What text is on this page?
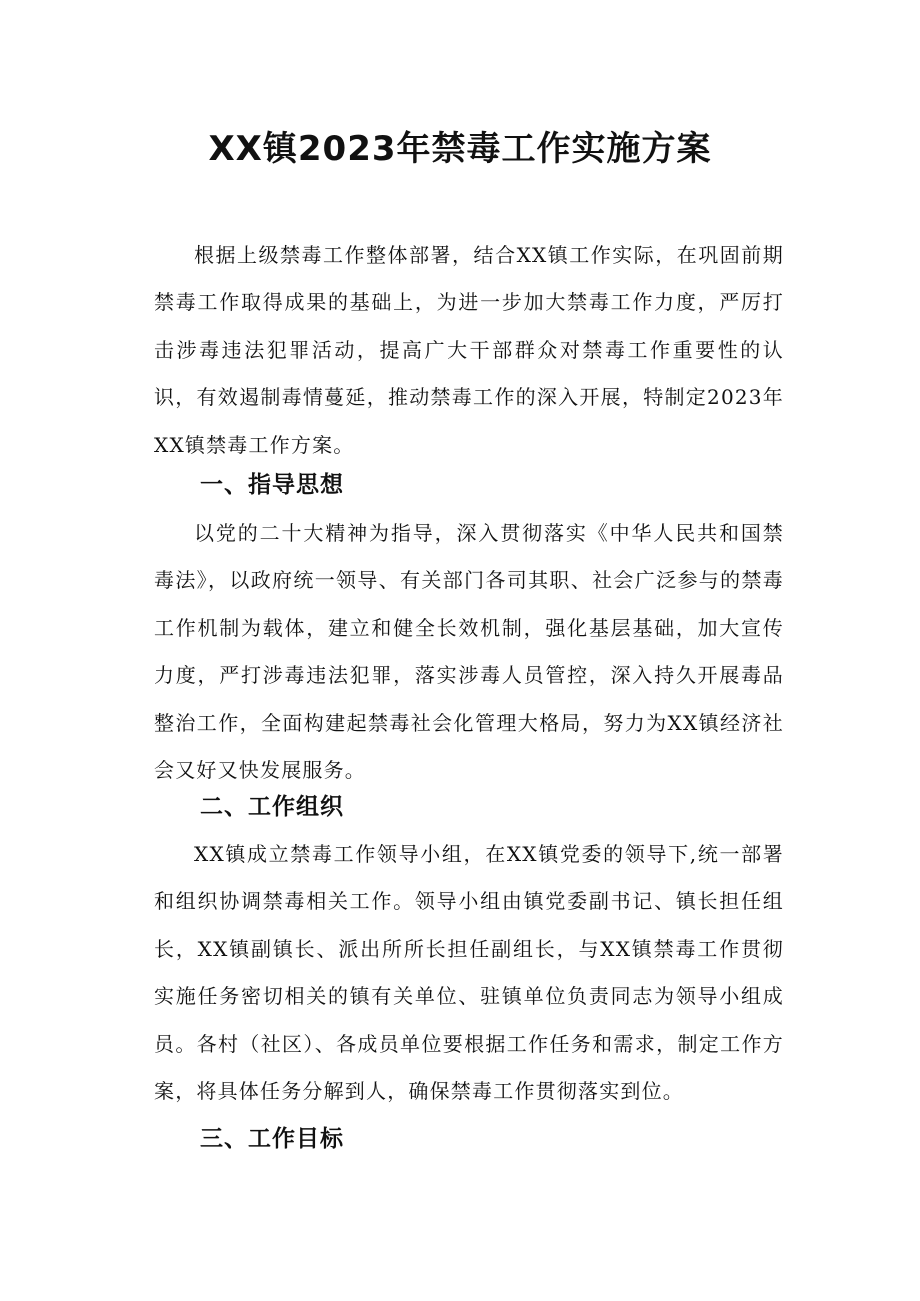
XX镇2023年禁毒工作实施方案

根据上级禁毒工作整体部署，结合XX镇工作实际，在巩固前期禁毒工作取得成果的基础上，为进一步加大禁毒工作力度，严厉打击涉毒违法犯罪活动，提高广大干部群众对禁毒工作重要性的认识，有效遏制毒情蔓延，推动禁毒工作的深入开展，特制定2023年XX镇禁毒工作方案。

一、指导思想

以党的二十大精神为指导，深入贯彻落实《中华人民共和国禁毒法》，以政府统一领导、有关部门各司其职、社会广泛参与的禁毒工作机制为载体，建立和健全长效机制，强化基层基础，加大宣传力度，严打涉毒违法犯罪，落实涉毒人员管控，深入持久开展毒品整治工作，全面构建起禁毒社会化管理大格局，努力为XX镇经济社会又好又快发展服务。

二、工作组织

XX镇成立禁毒工作领导小组，在XX镇党委的领导下,统一部署和组织协调禁毒相关工作。领导小组由镇党委副书记、镇长担任组长，XX镇副镇长、派出所所长担任副组长，与XX镇禁毒工作贯彻实施任务密切相关的镇有关单位、驻镇单位负责同志为领导小组成员。各村（社区）、各成员单位要根据工作任务和需求，制定工作方案，将具体任务分解到人，确保禁毒工作贯彻落实到位。

三、工作目标
